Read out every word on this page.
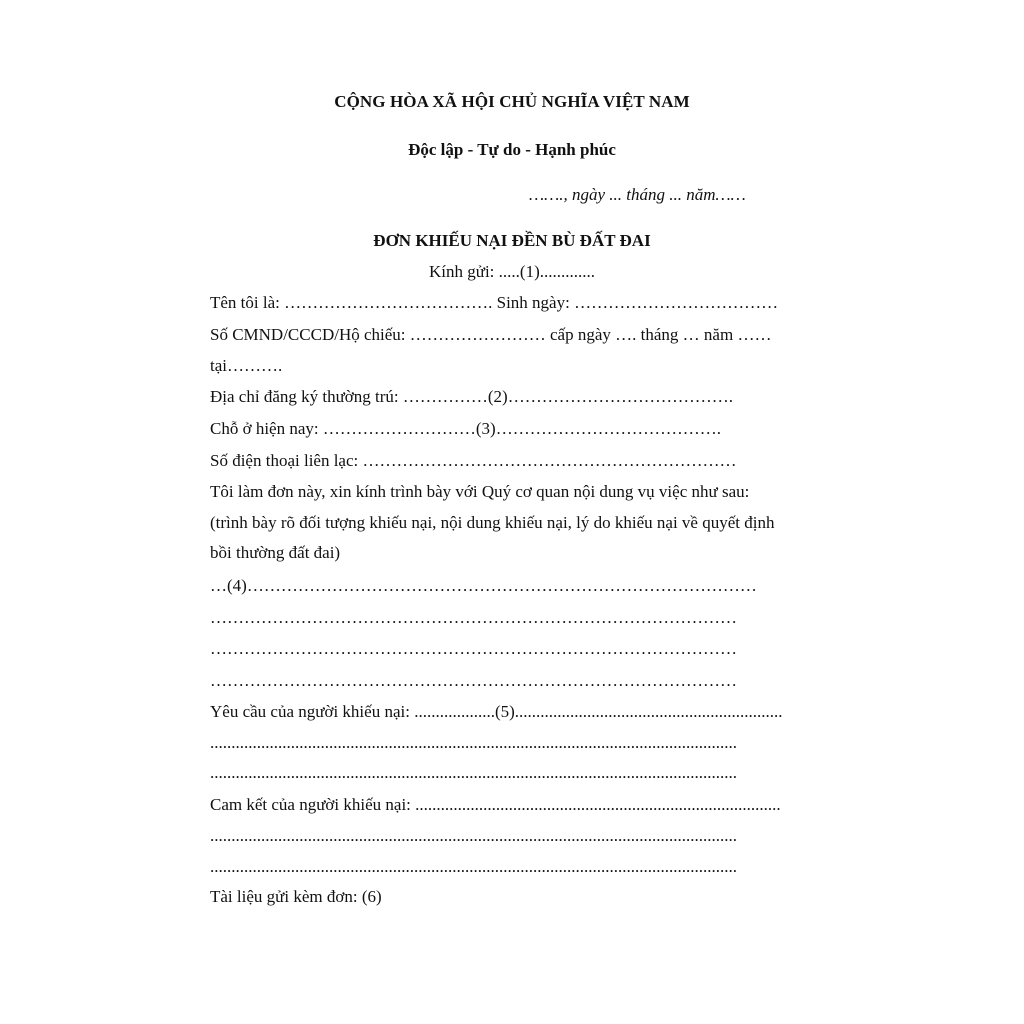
CỘNG HÒA XÃ HỘI CHỦ NGHĨA VIỆT NAM
Độc lập - Tự do - Hạnh phúc
……., ngày ... tháng ... năm……
ĐƠN KHIẾU NẠI ĐỀN BÙ ĐẤT ĐAI
Kính gửi: .....(1).............
Tên tôi là: ………………………………. Sinh ngày: ………………………………
Số CMND/CCCD/Hộ chiếu: …………………… cấp ngày …. tháng … năm ……
tại……….
Địa chỉ đăng ký thường trú: ……………(2)………………………………….
Chỗ ở hiện nay: ………………………(3)………………………………….
Số điện thoại liên lạc: …………………………………………………………
Tôi làm đơn này, xin kính trình bày với Quý cơ quan nội dung vụ việc như sau:
(trình bày rõ đối tượng khiếu nại, nội dung khiếu nại, lý do khiếu nại về quyết định
bồi thường đất đai)
…(4)………………………………………………………………………………
…………………………………………………………………………………
…………………………………………………………………………………
…………………………………………………………………………………
Yêu cầu của người khiếu nại: ...................(5)...............................................................
............................................................................................................................
............................................................................................................................
Cam kết của người khiếu nại: ......................................................................................
............................................................................................................................
............................................................................................................................
Tài liệu gửi kèm đơn: (6)
